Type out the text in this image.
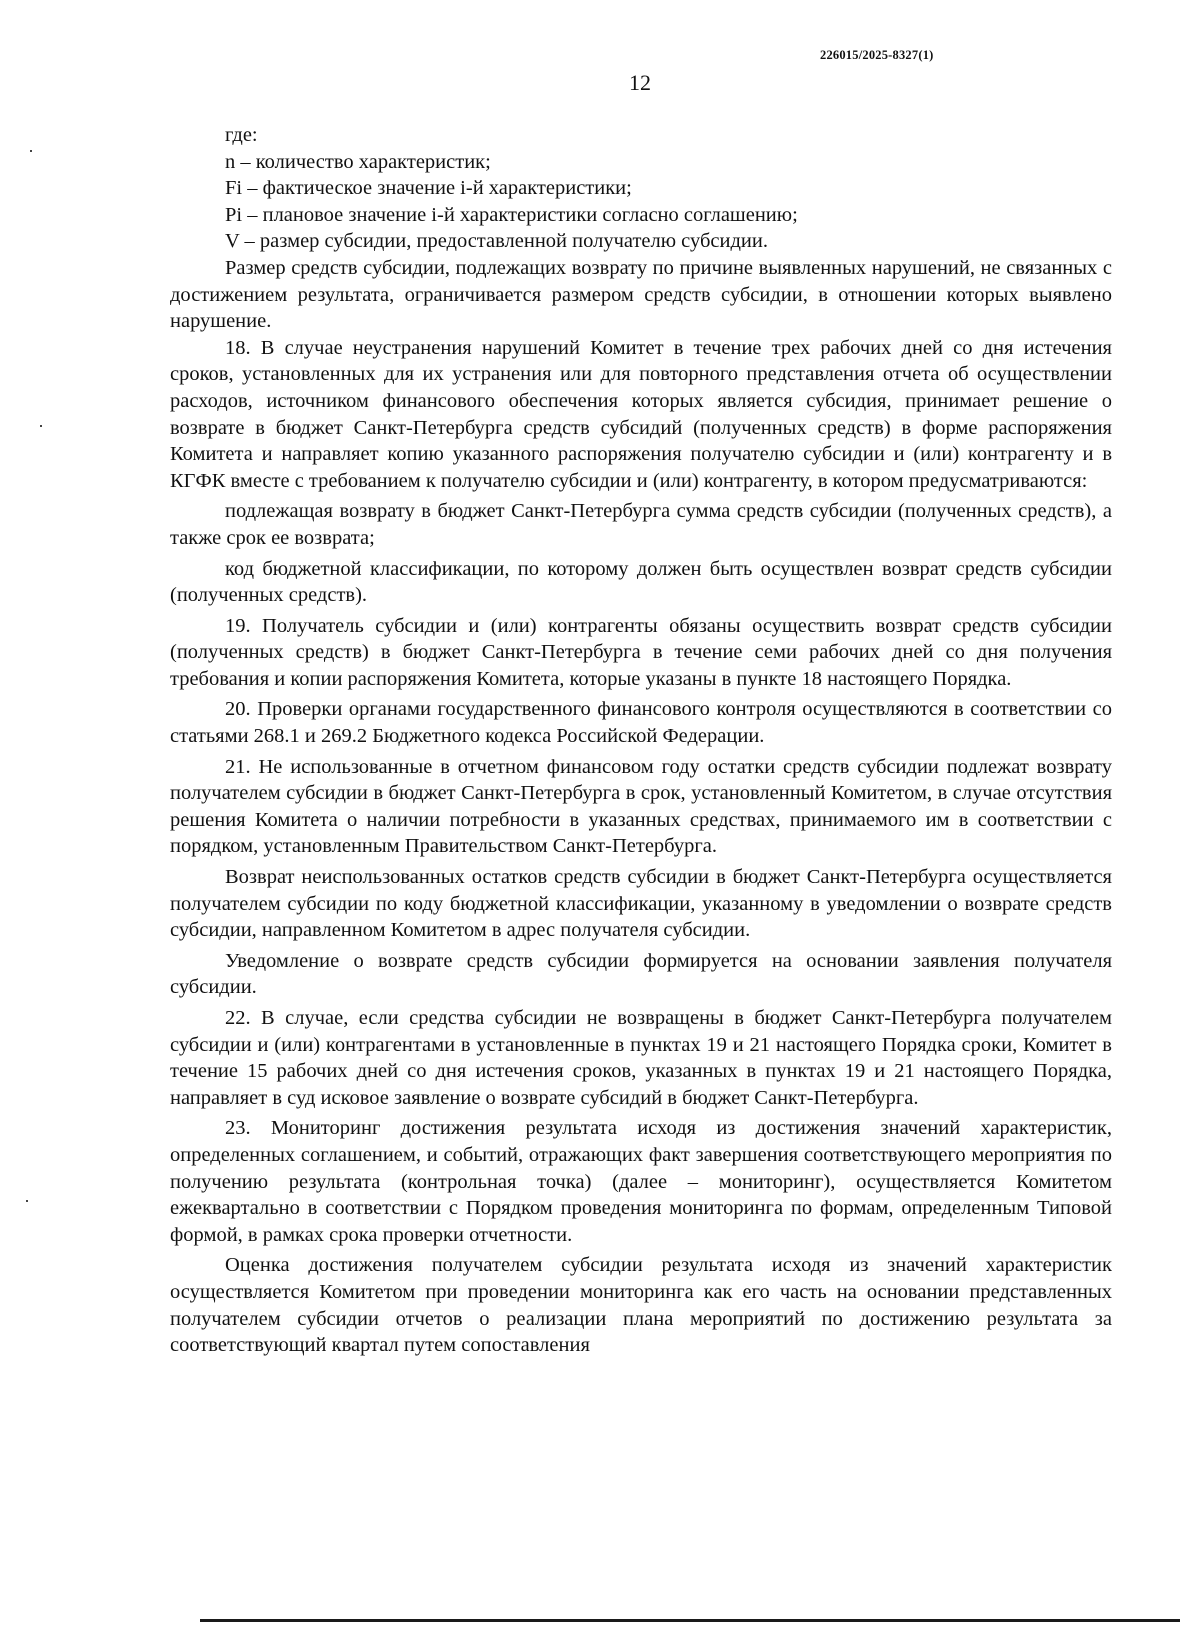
226015/2025-8327(1)
12

где:

n – количество характеристик;

Fi – фактическое значение i-й характеристики;

Pi – плановое значение i-й характеристики согласно соглашению;

V – размер субсидии, предоставленной получателю субсидии.

Размер средств субсидии, подлежащих возврату по причине выявленных нарушений, не связанных с достижением результата, ограничивается размером средств субсидии, в отношении которых выявлено нарушение.

18. В случае неустранения нарушений Комитет в течение трех рабочих дней со дня истечения сроков, установленных для их устранения или для повторного представления отчета об осуществлении расходов, источником финансового обеспечения которых является субсидия, принимает решение о возврате в бюджет Санкт-Петербурга средств субсидий (полученных средств) в форме распоряжения Комитета и направляет копию указанного распоряжения получателю субсидии и (или) контрагенту и в КГФК вместе с требованием к получателю субсидии и (или) контрагенту, в котором предусматриваются:

подлежащая возврату в бюджет Санкт-Петербурга сумма средств субсидии (полученных средств), а также срок ее возврата;

код бюджетной классификации, по которому должен быть осуществлен возврат средств субсидии (полученных средств).

19. Получатель субсидии и (или) контрагенты обязаны осуществить возврат средств субсидии (полученных средств) в бюджет Санкт-Петербурга в течение семи рабочих дней со дня получения требования и копии распоряжения Комитета, которые указаны в пункте 18 настоящего Порядка.

20. Проверки органами государственного финансового контроля осуществляются в соответствии со статьями 268.1 и 269.2 Бюджетного кодекса Российской Федерации.

21. Не использованные в отчетном финансовом году остатки средств субсидии подлежат возврату получателем субсидии в бюджет Санкт-Петербурга в срок, установленный Комитетом, в случае отсутствия решения Комитета о наличии потребности в указанных средствах, принимаемого им в соответствии с порядком, установленным Правительством Санкт-Петербурга.

Возврат неиспользованных остатков средств субсидии в бюджет Санкт-Петербурга осуществляется получателем субсидии по коду бюджетной классификации, указанному в уведомлении о возврате средств субсидии, направленном Комитетом в адрес получателя субсидии.

Уведомление о возврате средств субсидии формируется на основании заявления получателя субсидии.

22. В случае, если средства субсидии не возвращены в бюджет Санкт-Петербурга получателем субсидии и (или) контрагентами в установленные в пунктах 19 и 21 настоящего Порядка сроки, Комитет в течение 15 рабочих дней со дня истечения сроков, указанных в пунктах 19 и 21 настоящего Порядка, направляет в суд исковое заявление о возврате субсидий в бюджет Санкт-Петербурга.

23. Мониторинг достижения результата исходя из достижения значений характеристик, определенных соглашением, и событий, отражающих факт завершения соответствующего мероприятия по получению результата (контрольная точка) (далее – мониторинг), осуществляется Комитетом ежеквартально в соответствии с Порядком проведения мониторинга по формам, определенным Типовой формой, в рамках срока проверки отчетности.

Оценка достижения получателем субсидии результата исходя из значений характеристик осуществляется Комитетом при проведении мониторинга как его часть на основании представленных получателем субсидии отчетов о реализации плана мероприятий по достижению результата за соответствующий квартал путем сопоставления
